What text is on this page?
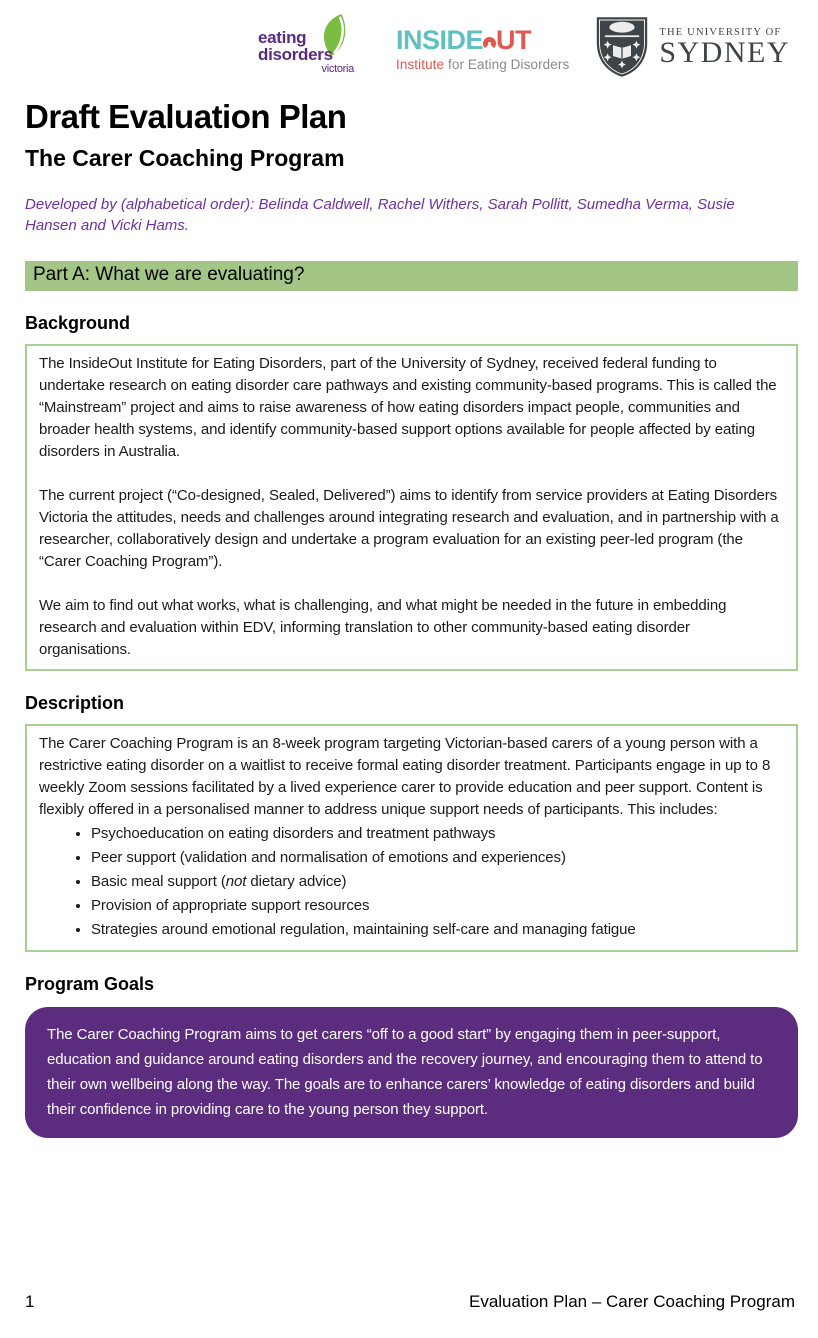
eating
disorders
victoria
INSIDE UT
Institute for Eating Disorders
THE UNIVERSITY OF
SYDNEY
Draft Evaluation Plan
The Carer Coaching Program

Developed by (alphabetical order): Belinda Caldwell, Rachel Withers, Sarah Pollitt, Sumedha Verma, Susie Hansen and Vicki Hams.

Part A: What we are evaluating?
Background

The InsideOut Institute for Eating Disorders, part of the University of Sydney, received federal funding to undertake research on eating disorder care pathways and existing community-based programs. This is called the “Mainstream” project and aims to raise awareness of how eating disorders impact people, communities and broader health systems, and identify community-based support options available for people affected by eating disorders in Australia.

The current project (“Co-designed, Sealed, Delivered”) aims to identify from service providers at Eating Disorders Victoria the attitudes, needs and challenges around integrating research and evaluation, and in partnership with a researcher, collaboratively design and undertake a program evaluation for an existing peer-led program (the “Carer Coaching Program”).

We aim to find out what works, what is challenging, and what might be needed in the future in embedding research and evaluation within EDV, informing translation to other community-based eating disorder organisations.

Description

The Carer Coaching Program is an 8-week program targeting Victorian-based carers of a young person with a restrictive eating disorder on a waitlist to receive formal eating disorder treatment. Participants engage in up to 8 weekly Zoom sessions facilitated by a lived experience carer to provide education and peer support. Content is flexibly offered in a personalised manner to address unique support needs of participants. This includes:

• Psychoeducation on eating disorders and treatment pathways
• Peer support (validation and normalisation of emotions and experiences)
• Basic meal support (not dietary advice)
• Provision of appropriate support resources
• Strategies around emotional regulation, maintaining self-care and managing fatigue
Program Goals
The Carer Coaching Program aims to get carers “off to a good start” by engaging them in peer-support, education and guidance around eating disorders and the recovery journey, and encouraging them to attend to their own wellbeing along the way. The goals are to enhance carers’ knowledge of eating disorders and build their confidence in providing care to the young person they support.
1	Evaluation Plan – Carer Coaching Program
